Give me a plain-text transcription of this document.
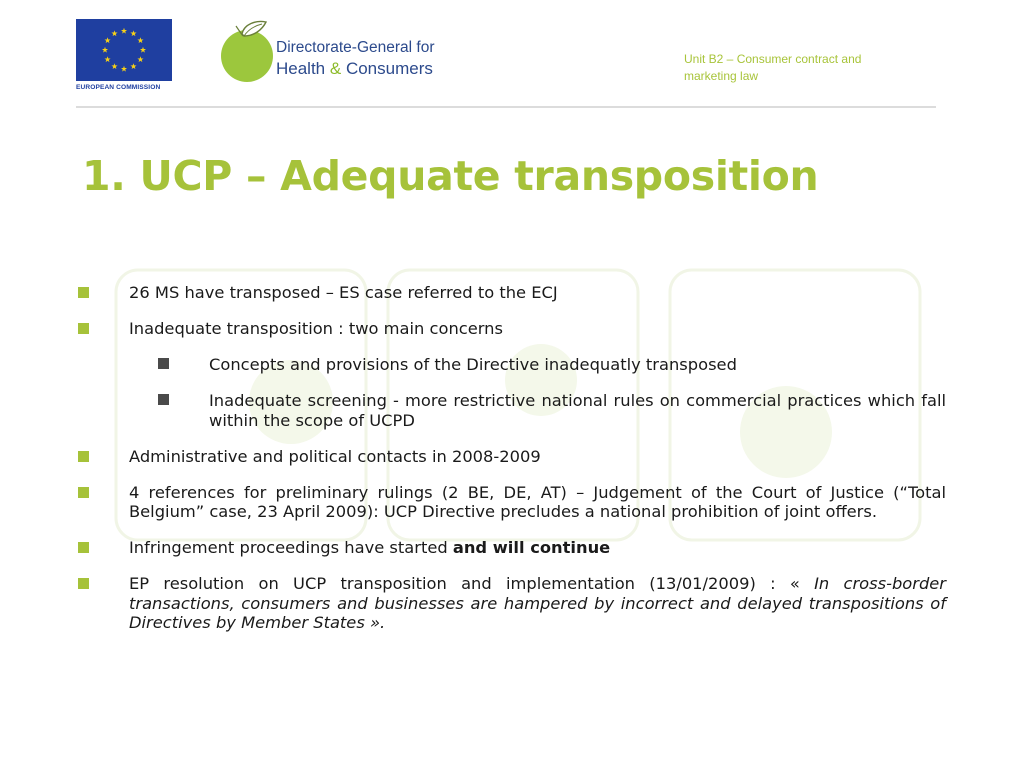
EUROPEAN COMMISSION
Directorate-General for
Health & Consumers	Unit B2 – Consumer contract and marketing law
1. UCP – Adequate transposition
26 MS have transposed – ES case referred to the ECJ
Inadequate transposition : two main concerns
Concepts and provisions of the Directive inadequatly transposed
Inadequate screening - more restrictive national rules on commercial practices which fall within the scope of UCPD
Administrative and political contacts in 2008-2009
4 references for preliminary rulings (2 BE, DE, AT) – Judgement of the Court of Justice (“Total Belgium” case, 23 April 2009): UCP Directive precludes a national prohibition of joint offers.
Infringement proceedings have started and will continue
EP resolution on UCP transposition and implementation (13/01/2009) : « In cross-border transactions, consumers and businesses are hampered by incorrect and delayed transpositions of Directives by Member States ».
